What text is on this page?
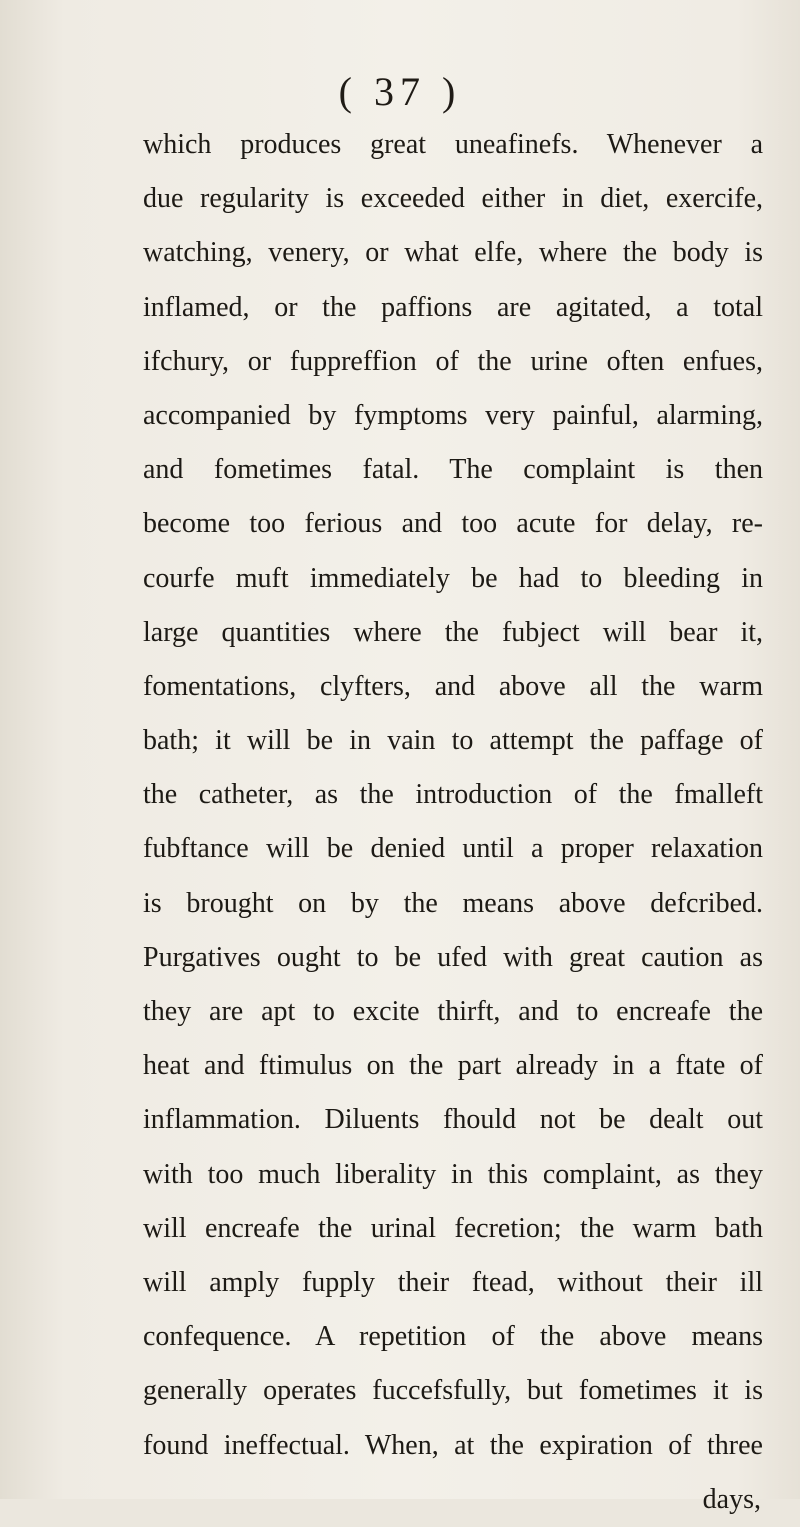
( 37 )
which produces great uneafinefs. Whenever a
due regularity is exceeded either in diet, exercife,
watching, venery, or what elfe, where the body is
inflamed, or the paffions are agitated, a total
ifchury, or fuppreffion of the urine often enfues,
accompanied by fymptoms very painful, alarming,
and fometimes fatal. The complaint is then
become too ferious and too acute for delay, re-
courfe muft immediately be had to bleeding in
large quantities where the fubject will bear it,
fomentations, clyfters, and above all the warm
bath; it will be in vain to attempt the paffage of
the catheter, as the introduction of the fmalleft
fubftance will be denied until a proper relaxation
is brought on by the means above defcribed.
Purgatives ought to be ufed with great caution as
they are apt to excite thirft, and to encreafe the
heat and ftimulus on the part already in a ftate of
inflammation. Diluents fhould not be dealt out
with too much liberality in this complaint, as they
will encreafe the urinal fecretion; the warm bath
will amply fupply their ftead, without their ill
confequence. A repetition of the above means
generally operates fuccefsfully, but fometimes it is
found ineffectual. When, at the expiration of three
days,
